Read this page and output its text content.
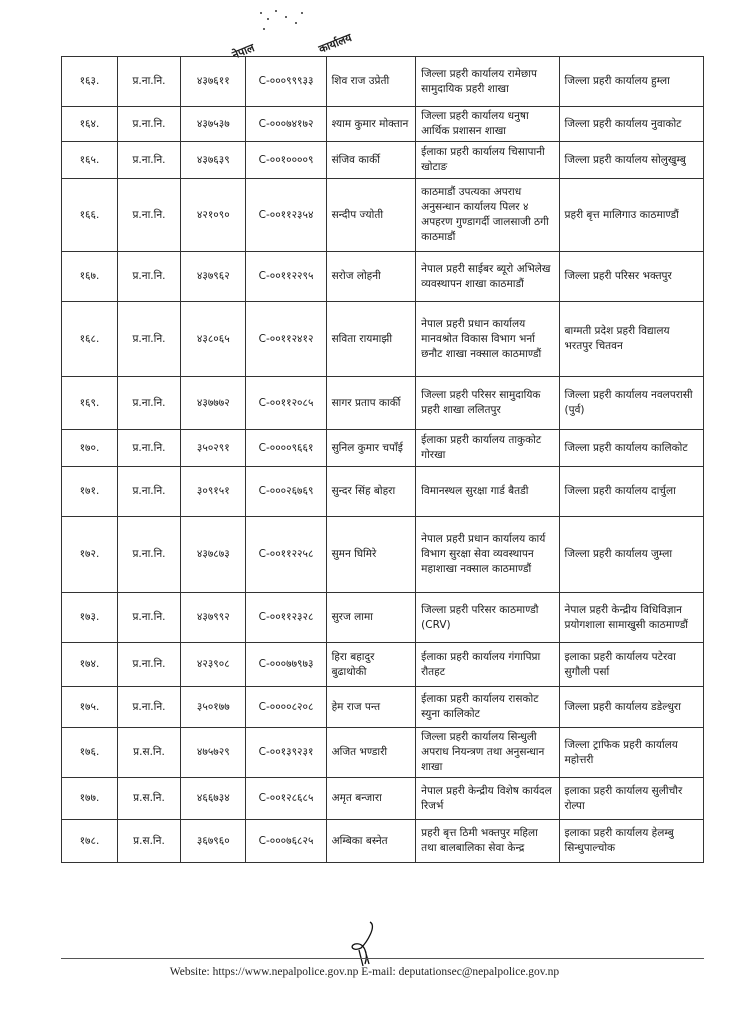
नेपाल	कार्यालय
१६३.	प्र.ना.नि.	४३७६११	C-०००९९९३३	शिव राज उप्रेती	जिल्ला प्रहरी कार्यालय रामेछाप सामुदायिक प्रहरी शाखा	जिल्ला प्रहरी कार्यालय हुम्ला
१६४.	प्र.ना.नि.	४३७५३७	C-०००७४१७२	श्याम कुमार मोक्तान	जिल्ला प्रहरी कार्यालय धनुषा आर्थिक प्रशासन शाखा	जिल्ला प्रहरी कार्यालय नुवाकोट
१६५.	प्र.ना.नि.	४३७६३९	C-००१००००९	संजिव कार्की	ईलाका प्रहरी कार्यालय चिसापानी खोटाङ	जिल्ला प्रहरी कार्यालय सोलुखुम्बु
१६६.	प्र.ना.नि.	४२१०९०	C-००११२३५४	सन्दीप ज्योती	काठमाडौं उपत्यका अपराध अनुसन्धान कार्यालय पिलर ४ अपहरण गुण्डागर्दी जालसाजी ठगी काठमाडौं	प्रहरी बृत्त मालिगाउ काठमाण्डौं
१६७.	प्र.ना.नि.	४३७९६२	C-००११२२९५	सरोज लोहनी	नेपाल प्रहरी साईबर ब्यूरो अभिलेख व्यवस्थापन शाखा काठमाडौं	जिल्ला प्रहरी परिसर भक्तपुर
१६८.	प्र.ना.नि.	४३८०६५	C-००११२४१२	सविता रायमाझी	नेपाल प्रहरी प्रधान कार्यालय मानवश्रोत विकास विभाग भर्ना छनौट शाखा नक्साल काठमाण्डौं	बाग्मती प्रदेश प्रहरी विद्यालय भरतपुर चितवन
१६९.	प्र.ना.नि.	४३७७७२	C-००११२०८५	सागर प्रताप कार्की	जिल्ला प्रहरी परिसर सामुदायिक प्रहरी शाखा ललितपुर	जिल्ला प्रहरी कार्यालय नवलपरासी (पुर्व)
१७०.	प्र.ना.नि.	३५०२९१	C-००००९६६१	सुनिल कुमार चपाँई	ईलाका प्रहरी कार्यालय ताकुकोट गोरखा	जिल्ला प्रहरी कार्यालय कालिकोट
१७१.	प्र.ना.नि.	३०९१५१	C-०००२६७६९	सुन्दर सिंह बोहरा	विमानस्थल सुरक्षा गार्ड बैतडी	जिल्ला प्रहरी कार्यालय दार्चुला
१७२.	प्र.ना.नि.	४३७८७३	C-००११२२५८	सुमन घिमिरे	नेपाल प्रहरी प्रधान कार्यालय कार्य विभाग सुरक्षा सेवा व्यवस्थापन महाशाखा नक्साल काठमाण्डौं	जिल्ला प्रहरी कार्यालय जुम्ला
१७३.	प्र.ना.नि.	४३७९९२	C-००११२३२८	सुरज लामा	जिल्ला प्रहरी परिसर काठमाण्डौ (CRV)	नेपाल प्रहरी केन्द्रीय विधिविज्ञान प्रयोगशाला सामाखुसी काठमाण्डौं
१७४.	प्र.ना.नि.	४२३९०८	C-०००७७९७३	हिरा बहादुर बुढाथोकी	ईलाका प्रहरी कार्यालय गंगापिप्रा रौतहट	इलाका प्रहरी कार्यालय पटेरवा सुगौली पर्सा
१७५.	प्र.ना.नि.	३५०१७७	C-००००८२०८	हेम राज पन्त	ईलाका प्रहरी कार्यालय रासकोट स्युना कालिकोट	जिल्ला प्रहरी कार्यालय डडेल्धुरा
१७६.	प्र.स.नि.	४७५७२९	C-००१३९२३१	अजित भण्डारी	जिल्ला प्रहरी कार्यालय सिन्धुली अपराध नियन्त्रण तथा अनुसन्धान शाखा	जिल्ला ट्राफिक प्रहरी कार्यालय महोत्तरी
१७७.	प्र.स.नि.	४६६७३४	C-००१२८६८५	अमृत बन्जारा	नेपाल प्रहरी केन्द्रीय विशेष कार्यदल रिजर्भ	इलाका प्रहरी कार्यालय सुलीचौर रोल्पा
१७८.	प्र.स.नि.	३६७९६०	C-०००७६८२५	अम्बिका बस्नेत	प्रहरी बृत्त ठिमी भक्तपुर महिला तथा बालबालिका सेवा केन्द्र	इलाका प्रहरी कार्यालय हेलम्बु सिन्धुपाल्चोक
Website: https://www.nepalpolice.gov.np E-mail: deputationsec@nepalpolice.gov.np
